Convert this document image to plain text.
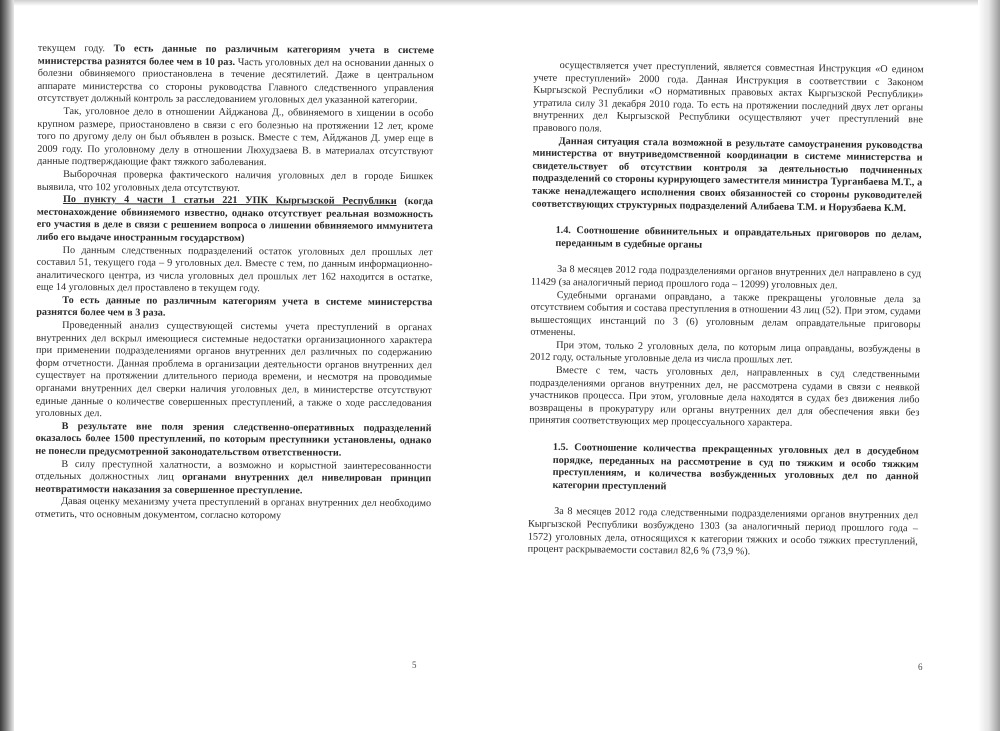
текущем году. То есть данные по различным категориям учета в системе министерства разнятся более чем в 10 раз. Часть уголовных дел на основании данных о болезни обвиняемого приостановлена в течение десятилетий. Даже в центральном аппарате министерства со стороны руководства Главного следственного управления отсутствует должный контроль за расследованием уголовных дел указанной категории.

Так, уголовное дело в отношении Айджанова Д., обвиняемого в хищении в особо крупном размере, приостановлено в связи с его болезнью на протяжении 12 лет, кроме того по другому делу он был объявлен в розыск. Вместе с тем, Айджанов Д. умер еще в 2009 году. По уголовному делу в отношении Люхудзаева В. в материалах отсутствуют данные подтверждающие факт тяжкого заболевания.

Выборочная проверка фактического наличия уголовных дел в городе Бишкек выявила, что 102 уголовных дела отсутствуют.

По пункту 4 части 1 статьи 221 УПК Кыргызской Республики (когда местонахождение обвиняемого известно, однако отсутствует реальная возможность его участия в деле в связи с решением вопроса о лишении обвиняемого иммунитета либо его выдаче иностранным государством)

По данным следственных подразделений остаток уголовных дел прошлых лет составил 51, текущего года – 9 уголовных дел. Вместе с тем, по данным информационно-аналитического центра, из числа уголовных дел прошлых лет 162 находится в остатке, еще 14 уголовных дел проставлено в текущем году.

То есть данные по различным категориям учета в системе министерства разнятся более чем в 3 раза.

Проведенный анализ существующей системы учета преступлений в органах внутренних дел вскрыл имеющиеся системные недостатки организационного характера при применении подразделениями органов внутренних дел различных по содержанию форм отчетности. Данная проблема в организации деятельности органов внутренних дел существует на протяжении длительного периода времени, и несмотря на проводимые органами внутренних дел сверки наличия уголовных дел, в министерстве отсутствуют единые данные о количестве совершенных преступлений, а также о ходе расследования уголовных дел.

В результате вне поля зрения следственно-оперативных подразделений оказалось более 1500 преступлений, по которым преступники установлены, однако не понесли предусмотренной законодательством ответственности.

В силу преступной халатности, а возможно и корыстной заинтересованности отдельных должностных лиц органами внутренних дел нивелирован принцип неотвратимости наказания за совершенное преступление.

Давая оценку механизму учета преступлений в органах внутренних дел необходимо отметить, что основным документом, согласно которому

5

осуществляется учет преступлений, является совместная Инструкция «О едином учете преступлений» 2000 года. Данная Инструкция в соответствии с Законом Кыргызской Республики «О нормативных правовых актах Кыргызской Республики» утратила силу 31 декабря 2010 года. То есть на протяжении последний двух лет органы внутренних дел Кыргызской Республики осуществляют учет преступлений вне правового поля.

Данная ситуация стала возможной в результате самоустранения руководства министерства от внутриведомственной координации в системе министерства и свидетельствует об отсутствии контроля за деятельностью подчиненных подразделений со стороны курирующего заместителя министра Турганбаева М.Т., а также ненадлежащего исполнения своих обязанностей со стороны руководителей соответствующих структурных подразделений Алибаева Т.М. и Норузбаева К.М.

1.4. Соотношение обвинительных и оправдательных приговоров по делам, переданным в судебные органы

За 8 месяцев 2012 года подразделениями органов внутренних дел направлено в суд 11429 (за аналогичный период прошлого года – 12099) уголовных дел.

Судебными органами оправдано, а также прекращены уголовные дела за отсутствием события и состава преступления в отношении 43 лиц (52). При этом, судами вышестоящих инстанций по 3 (6) уголовным делам оправдательные приговоры отменены.

При этом, только 2 уголовных дела, по которым лица оправданы, возбуждены в 2012 году, остальные уголовные дела из числа прошлых лет.

Вместе с тем, часть уголовных дел, направленных в суд следственными подразделениями органов внутренних дел, не рассмотрена судами в связи с неявкой участников процесса. При этом, уголовные дела находятся в судах без движения либо возвращены в прокуратуру или органы внутренних дел для обеспечения явки без принятия соответствующих мер процессуального характера.

1.5. Соотношение количества прекращенных уголовных дел в досудебном порядке, переданных на рассмотрение в суд по тяжким и особо тяжким преступлениям, и количества возбужденных уголовных дел по данной категории преступлений

За 8 месяцев 2012 года следственными подразделениями органов внутренних дел Кыргызской Республики возбуждено 1303 (за аналогичный период прошлого года – 1572) уголовных дела, относящихся к категории тяжких и особо тяжких преступлений, процент раскрываемости составил 82,6 % (73,9 %).

6
